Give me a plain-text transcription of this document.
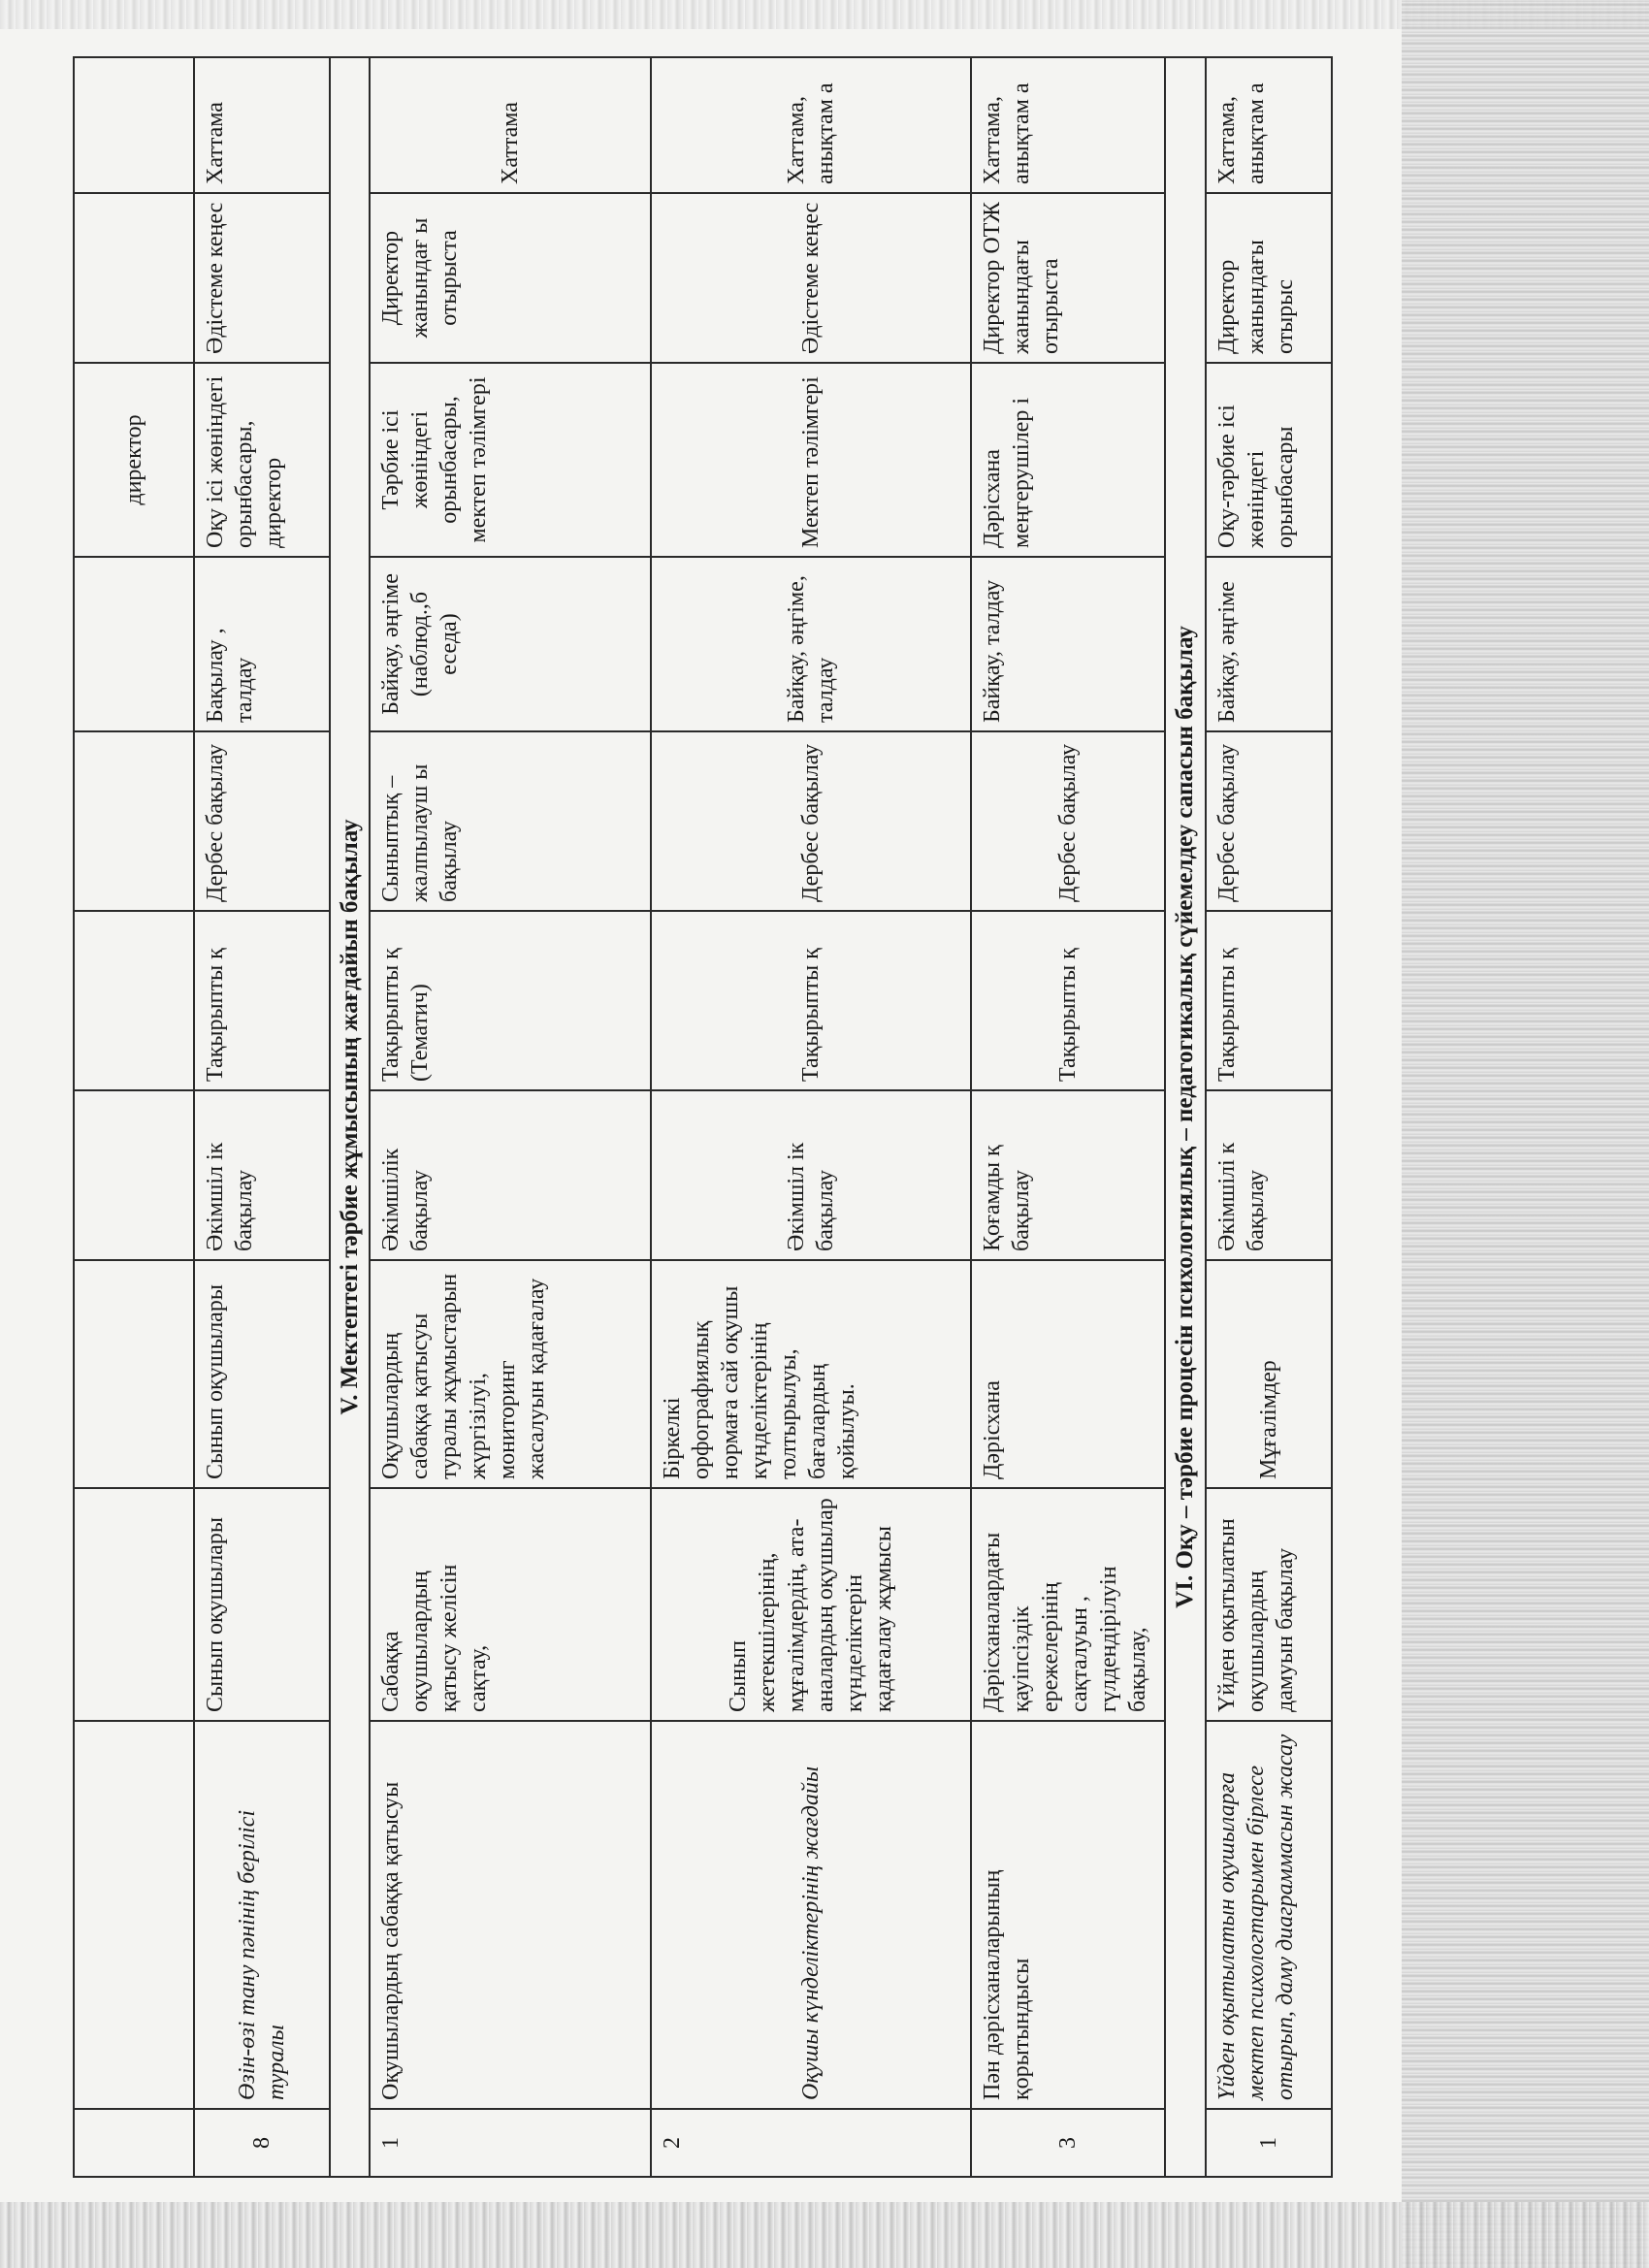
								директор		
8	Өзін-өзі тану пәнінің берілісі туралы	Сынып оқушылары	Сынып оқушылары	Әкімшіл ік бақылау	Тақырыпты қ	Дербес бақылау	Бақылау , талдау	Оқу ісі жөніндегі орынбасары, директор	Әдістеме кеңес	Хаттама
V. Мектептегі тәрбие жұмысының жағдайын бақылау										
1	Оқушылардың сабаққа қатысуы	Сабаққа оқушылардың қатысу желісін сақтау,	Оқушылардың сабаққа қатысуы туралы жұмыстарын жүргізілуі, мониторинг жасалуын қадағалау	Әкімшілік бақылау	Тақырыпты қ (Тематич)	Сыныптық – жалпылауш ы бақылау	Байқау, әңгіме (наблюд.,б еседа)	Тәрбие ісі жөніндегі орынбасары, мектеп тәлімгері	Директор жанындағ ы отырыста	Хаттама
2	Оқушы күнделіктерінің жағдайы	Сынып жетекшілерінің, мұғалімдердің, ата-аналардың оқушылар күнделіктерін қадағалау жұмысы	Біркелкі орфографиялық нормаға сай оқушы күнделіктерінің толтырылуы, бағалардың қойылуы.	Әкімшіл ік бақылау	Тақырыпты қ	Дербес бақылау	Байқау, әңгіме, талдау	Мектеп тәлімгері	Әдістеме кеңес	Хаттама, анықтам а
3	Пән дәрісханаларының қорытындысы	Дәрісханалардағы қауіпсіздік ережелерінің сақталуын , гүлдендірілуін бақылау,	Дәрісхана	Қоғамды қ бақылау	Тақырыпты қ	Дербес бақылау	Байқау, талдау	Дәрісхана меңгерушілер і	Директор ОТЖ жанындағы отырыста	Хаттама, анықтам а
VI. Оқу – тәрбие процесін психологиялық – педагогикалық сүйемелдеу сапасын бақылау										
1	Үйден оқытылатын оқушыларға мектеп психологтарымен бірлесе отырып, даму диаграммасын жасау	Үйден оқытылатын оқушылардың дамуын бақылау	Мұғалімдер	Әкімшілі к бақылау	Тақырыпты қ	Дербес бақылау	Байқау, әңгіме	Оқу-тәрбие ісі жөніндегі орынбасары	Директор жанындағы отырыс	Хаттама, анықтам а
